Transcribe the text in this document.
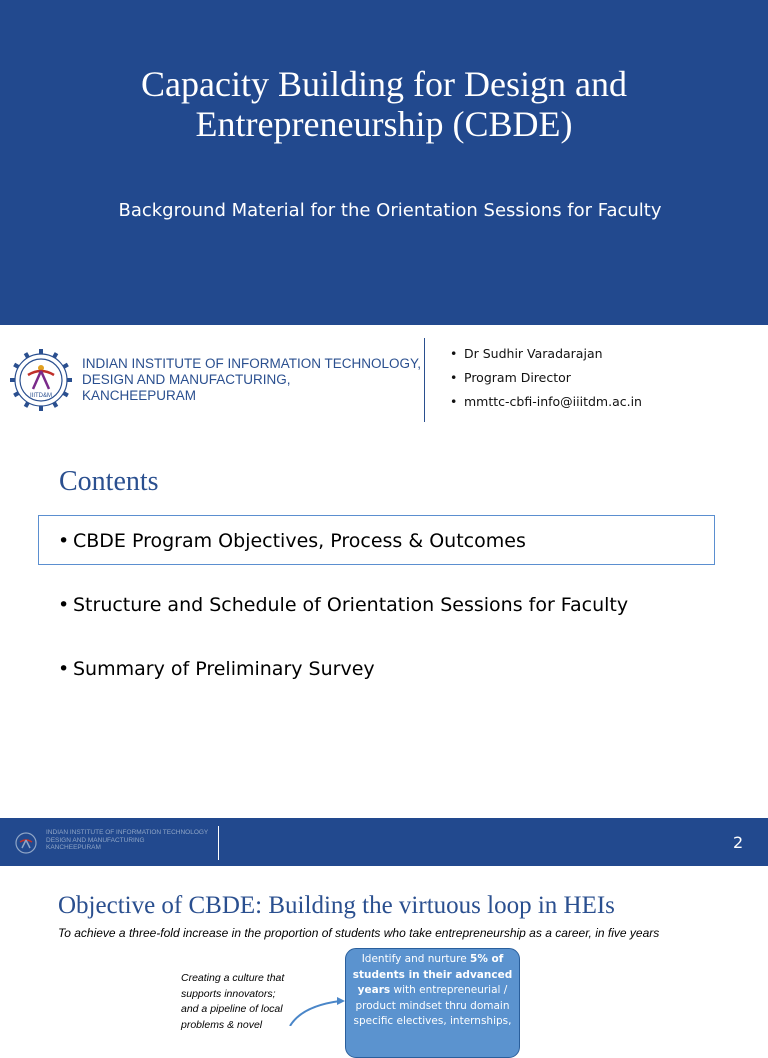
Capacity Building for Design and
Entrepreneurship (CBDE)
Background Material for the Orientation Sessions for Faculty
IIITD&M
INDIAN INSTITUTE OF INFORMATION TECHNOLOGY,
DESIGN AND MANUFACTURING,
KANCHEEPURAM
• Dr Sudhir Varadarajan
• Program Director
• mmttc-cbfi-info@iiitdm.ac.in
Contents
• CBDE Program Objectives, Process & Outcomes
• Structure and Schedule of Orientation Sessions for Faculty
• Summary of Preliminary Survey
INDIAN INSTITUTE OF INFORMATION TECHNOLOGY
DESIGN AND MANUFACTURING
KANCHEEPURAM	2
Objective of CBDE: Building the virtuous loop in HEIs
To achieve a three-fold increase in the proportion of students who take entrepreneurship as a career, in five years
Creating a culture that
supports innovators;
and a pipeline of local
problems & novel
Identify and nurture 5% of
students in their advanced
years with entrepreneurial /
product mindset thru domain
specific electives, internships,
